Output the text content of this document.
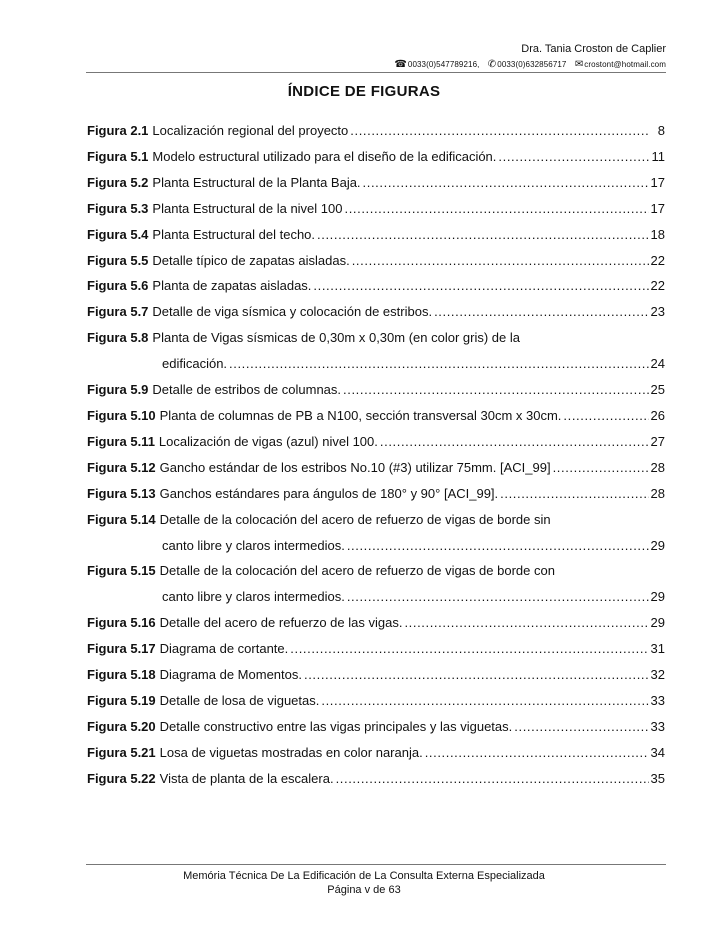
Dra. Tania Croston de Caplier
☎0033(0)547789216, ✆0033(0)632856717 ✉crostont@hotmail.com
ÍNDICE DE FIGURAS
Figura 2.1 Localización regional del proyecto .....	8
Figura 5.1 Modelo estructural utilizado para el diseño de la edificación. .....	11
Figura 5.2 Planta Estructural de la Planta Baja. .....	17
Figura 5.3 Planta Estructural de la nivel 100 .....	17
Figura 5.4 Planta Estructural del techo. .....	18
Figura 5.5 Detalle típico de zapatas aisladas. .....	22
Figura 5.6 Planta de zapatas aisladas. .....	22
Figura 5.7 Detalle de viga sísmica y colocación de estribos. .....	23
Figura 5.8 Planta de Vigas sísmicas de 0,30m x 0,30m (en color gris) de la
edificación. .....	24
Figura 5.9 Detalle de estribos de columnas. .....	25
Figura 5.10 Planta de columnas de PB a N100, sección transversal 30cm x 30cm. .....	26
Figura 5.11 Localización de vigas (azul) nivel 100. .....	27
Figura 5.12 Gancho estándar de los estribos No.10 (#3) utilizar 75mm. [ACI_99] .....	28
Figura 5.13 Ganchos estándares para ángulos de 180° y 90° [ACI_99]. .....	28
Figura 5.14 Detalle de la colocación del acero de refuerzo de vigas de borde sin
canto libre y claros intermedios. .....	29
Figura 5.15 Detalle de la colocación del acero de refuerzo de vigas de borde con
canto libre y claros intermedios. .....	29
Figura 5.16 Detalle del acero de refuerzo de las vigas. .....	29
Figura 5.17 Diagrama de cortante. .....	31
Figura 5.18 Diagrama de Momentos. .....	32
Figura 5.19 Detalle de losa de viguetas. .....	33
Figura 5.20 Detalle constructivo entre las vigas principales y las viguetas. .....	33
Figura 5.21 Losa de viguetas mostradas en color naranja. .....	34
Figura 5.22 Vista de planta de la escalera. .....	35
Memória Técnica De La Edificación de La Consulta Externa Especializada
Página v de 63
